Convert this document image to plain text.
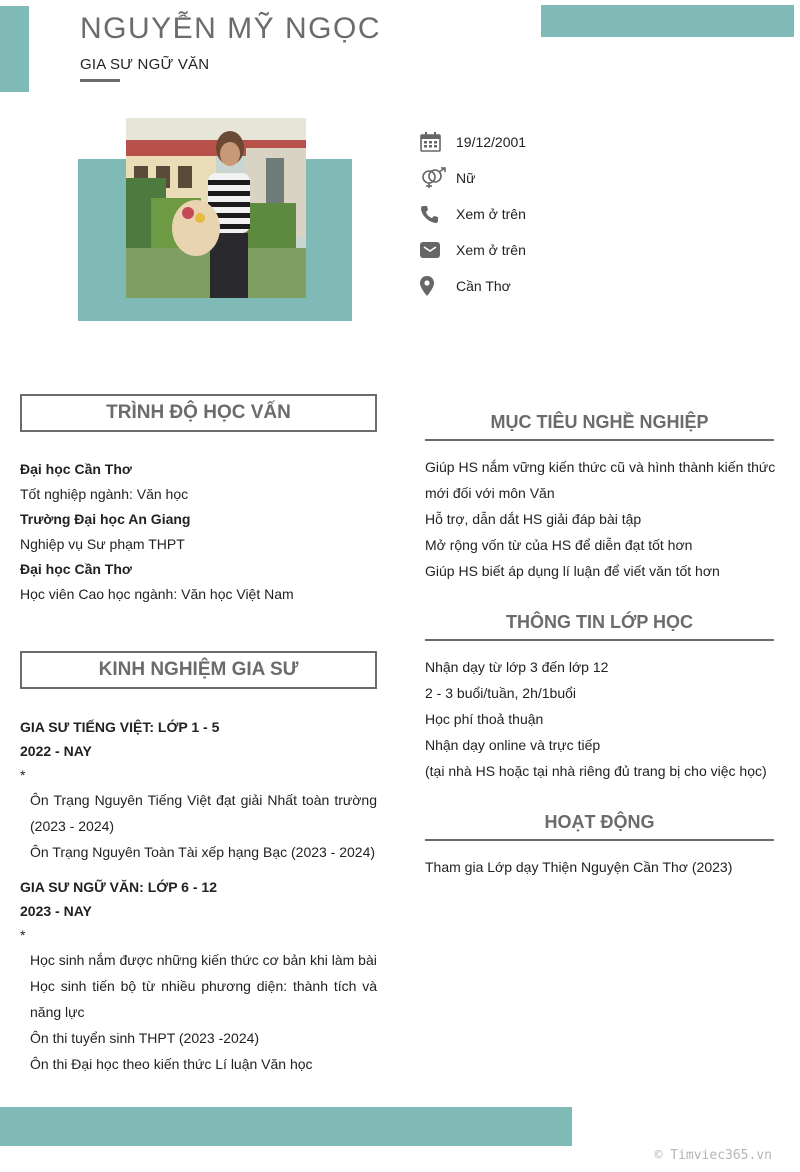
NGUYỄN MỸ NGỌC
GIA SƯ NGỮ VĂN
19/12/2001
Nữ
Xem ở trên
Xem ở trên
Cần Thơ
TRÌNH ĐỘ HỌC VẤN
Đại học Cần Thơ
Tốt nghiệp ngành: Văn học
Trường Đại học An Giang
Nghiệp vụ Sư phạm THPT
Đại học Cần Thơ
Học viên Cao học ngành: Văn học Việt Nam
KINH NGHIỆM GIA SƯ
GIA SƯ TIẾNG VIỆT: LỚP 1 - 5
2022 - NAY
*
Ôn Trạng Nguyên Tiếng Việt đạt giải Nhất toàn trường (2023 - 2024)
Ôn Trạng Nguyên Toàn Tài xếp hạng Bạc (2023 - 2024)
GIA SƯ NGỮ VĂN: LỚP 6 - 12
2023 - NAY
*
Học sinh nắm được những kiến thức cơ bản khi làm bài
Học sinh tiến bộ từ nhiều phương diện: thành tích và năng lực
Ôn thi tuyển sinh THPT (2023 -2024)
Ôn thi Đại học theo kiến thức Lí luận Văn học
MỤC TIÊU NGHỀ NGHIỆP
Giúp HS nắm vững kiến thức cũ và hình thành kiến thức
mới đối với môn Văn
Hỗ trợ, dẫn dắt HS giải đáp bài tập
Mở rộng vốn từ của HS để diễn đạt tốt hơn
Giúp HS biết áp dụng lí luận để viết văn tốt hơn
THÔNG TIN LỚP HỌC
Nhận dạy từ lớp 3 đến lớp 12
2 - 3 buổi/tuần, 2h/1buổi
Học phí thoả thuận
Nhận dạy online và trực tiếp
(tại nhà HS hoặc tại nhà riêng đủ trang bị cho việc học)
HOẠT ĐỘNG
Tham gia Lớp dạy Thiện Nguyện Cần Thơ (2023)
© Timviec365.vn
